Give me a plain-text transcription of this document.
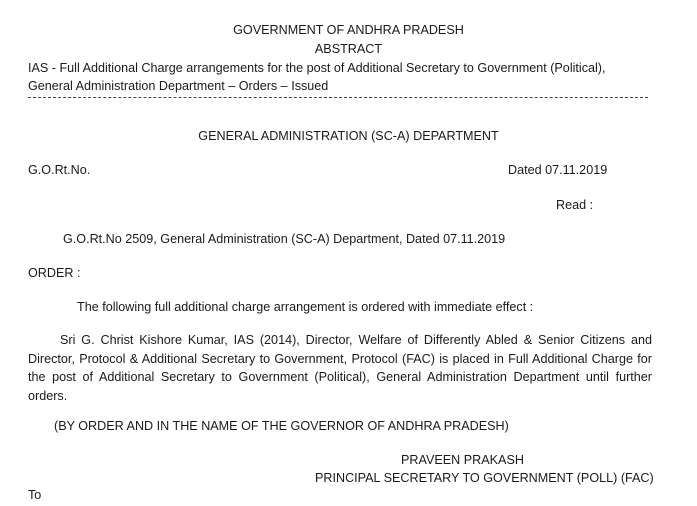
GOVERNMENT OF ANDHRA PRADESH
ABSTRACT
IAS - Full Additional Charge arrangements for the post of Additional Secretary to Government (Political),
General Administration Department – Orders – Issued
GENERAL ADMINISTRATION (SC-A) DEPARTMENT
G.O.Rt.No.	Dated 07.11.2019
Read :
G.O.Rt.No 2509, General Administration (SC-A) Department, Dated 07.11.2019
ORDER :
The following full additional charge arrangement is ordered with immediate effect :
Sri G. Christ Kishore Kumar, IAS (2014), Director, Welfare of Differently Abled & Senior Citizens and Director, Protocol & Additional Secretary to Government, Protocol (FAC) is placed in Full Additional Charge for the post of Additional Secretary to Government (Political), General Administration Department until further orders.
(BY ORDER AND IN THE NAME OF THE GOVERNOR OF ANDHRA PRADESH)
PRAVEEN PRAKASH
PRINCIPAL SECRETARY TO GOVERNMENT (POLL) (FAC)
To
